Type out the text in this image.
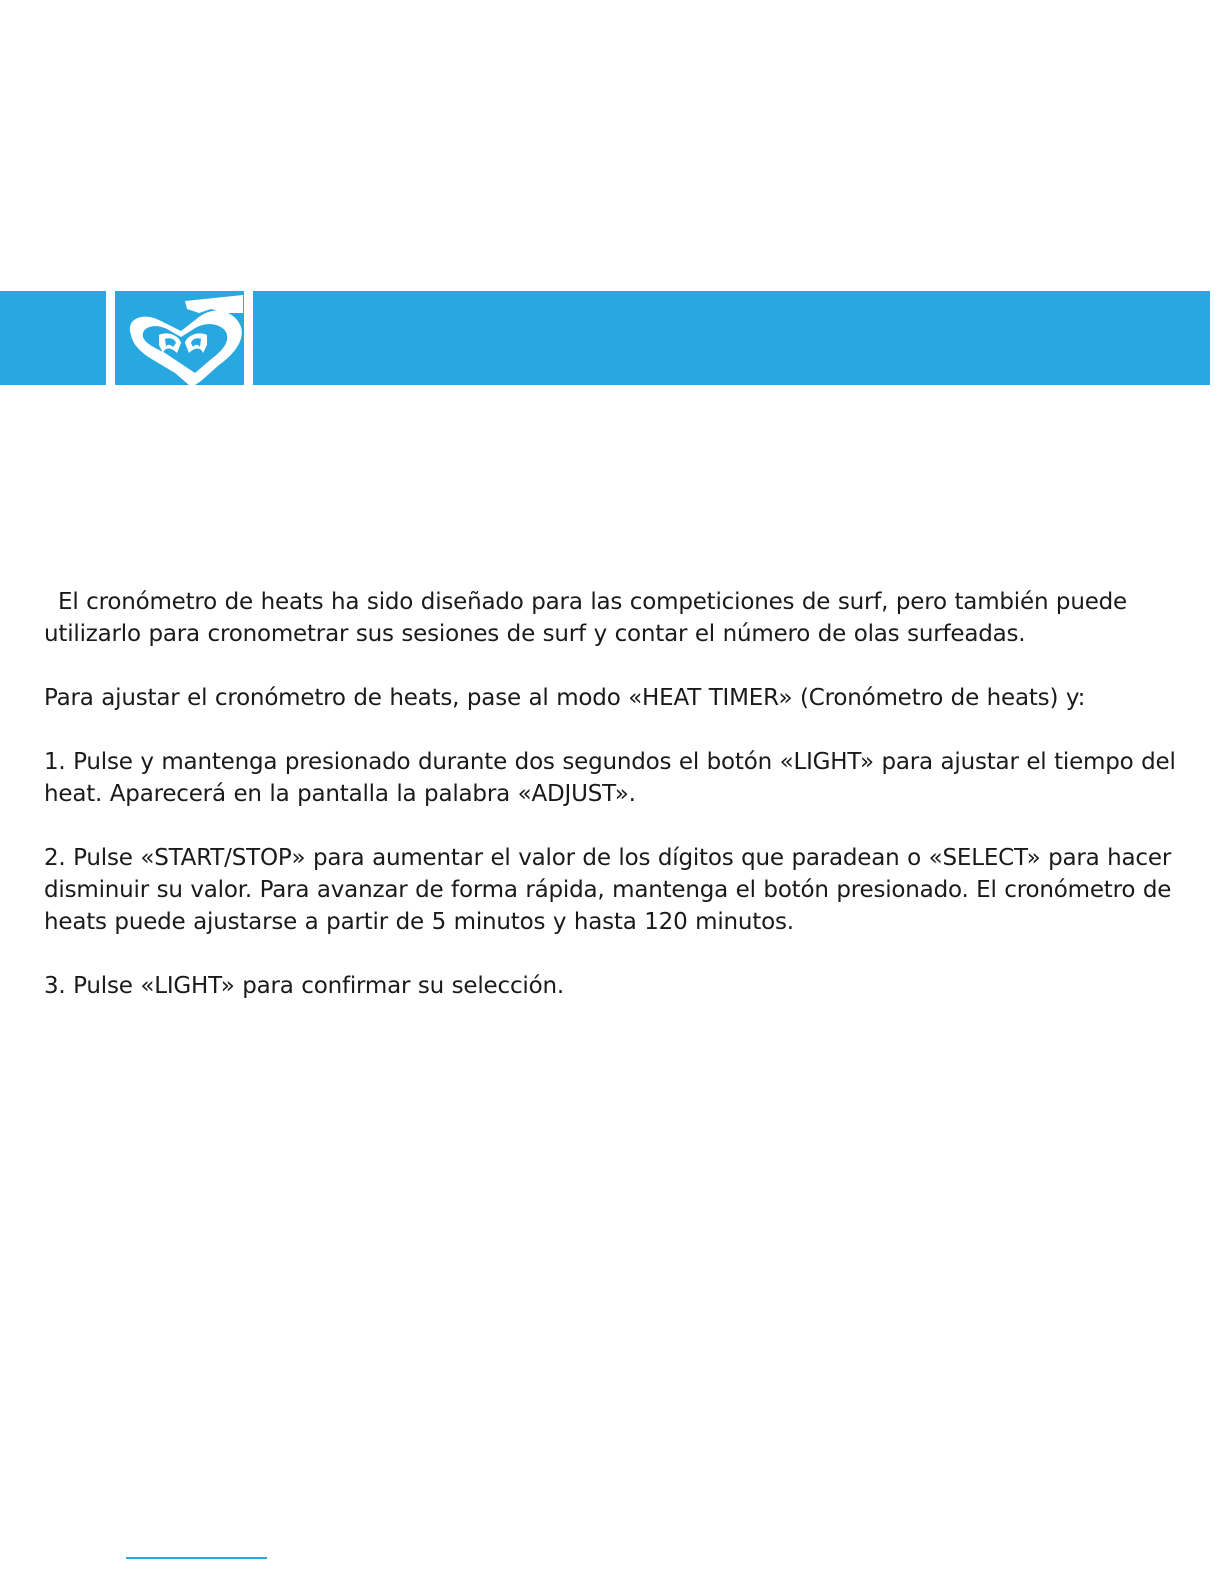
El cronómetro de heats ha sido diseñado para las competiciones de surf, pero también puede utilizarlo para cronometrar sus sesiones de surf y contar el número de olas surfeadas.

Para ajustar el cronómetro de heats, pase al modo «HEAT TIMER» (Cronómetro de heats) y:

1. Pulse y mantenga presionado durante dos segundos el botón «LIGHT» para ajustar el tiempo del heat. Aparecerá en la pantalla la palabra «ADJUST».

2. Pulse «START/STOP» para aumentar el valor de los dígitos que paradean o «SELECT» para hacer disminuir su valor. Para avanzar de forma rápida, mantenga el botón presionado. El cronómetro de heats puede ajustarse a partir de 5 minutos y hasta 120 minutos.

3. Pulse «LIGHT» para confirmar su selección.
